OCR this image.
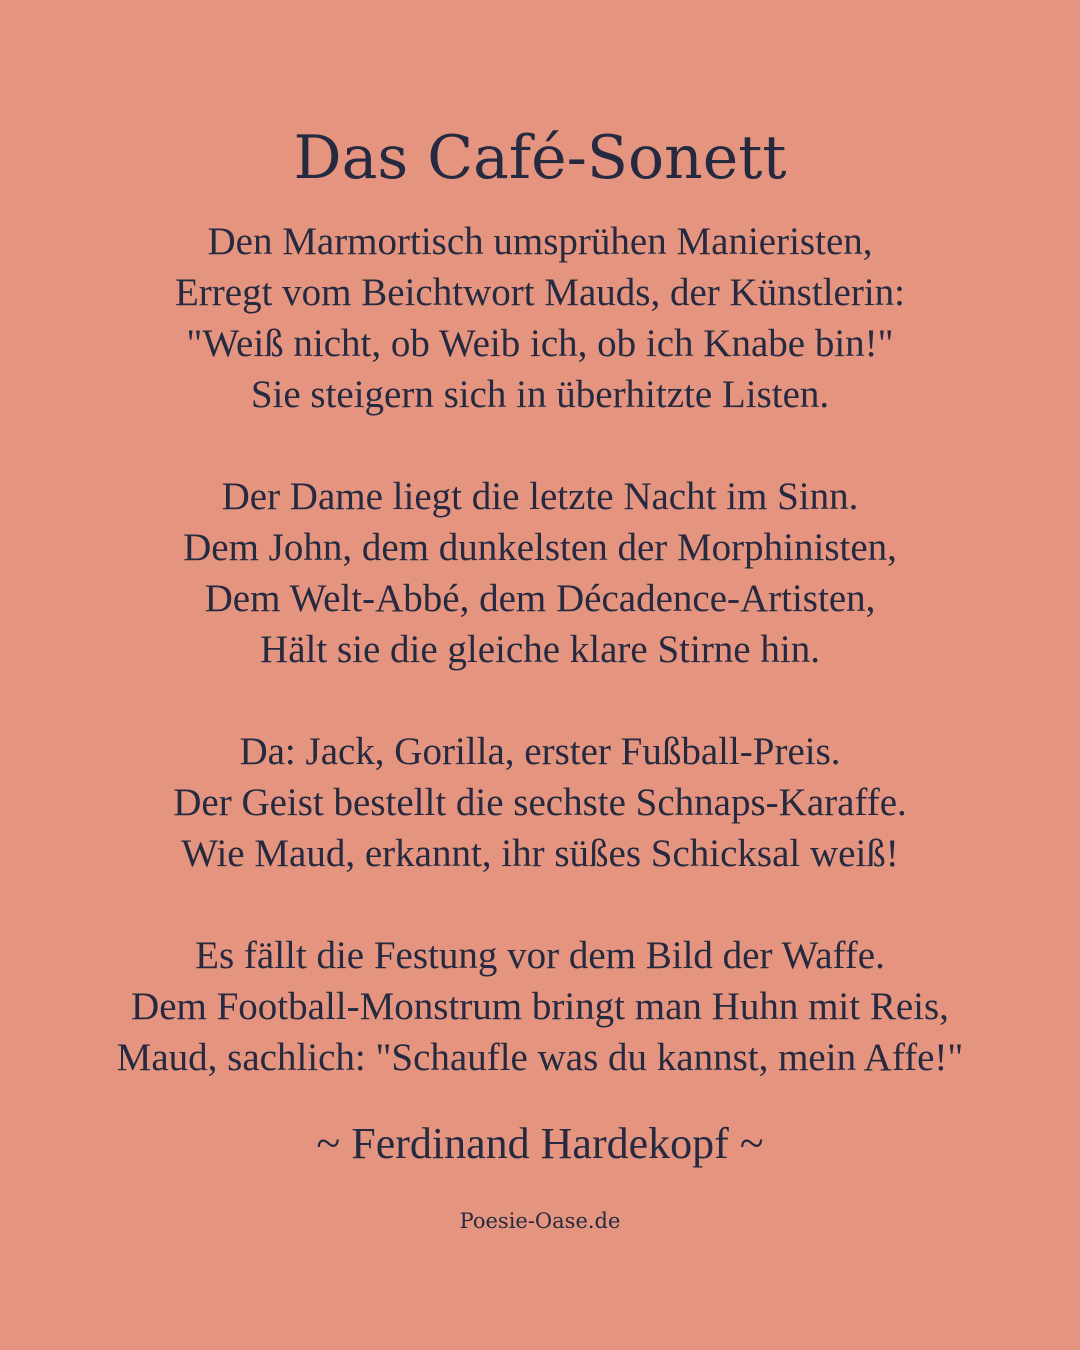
Das Café-Sonett
Den Marmortisch umsprühen Manieristen,
Erregt vom Beichtwort Mauds, der Künstlerin:
"Weiß nicht, ob Weib ich, ob ich Knabe bin!"
Sie steigern sich in überhitzte Listen.
Der Dame liegt die letzte Nacht im Sinn.
Dem John, dem dunkelsten der Morphinisten,
Dem Welt-Abbé, dem Décadence-Artisten,
Hält sie die gleiche klare Stirne hin.
Da: Jack, Gorilla, erster Fußball-Preis.
Der Geist bestellt die sechste Schnaps-Karaffe.
Wie Maud, erkannt, ihr süßes Schicksal weiß!
Es fällt die Festung vor dem Bild der Waffe.
Dem Football-Monstrum bringt man Huhn mit Reis,
Maud, sachlich: "Schaufle was du kannst, mein Affe!"
~ Ferdinand Hardekopf ~
Poesie-Oase.de
